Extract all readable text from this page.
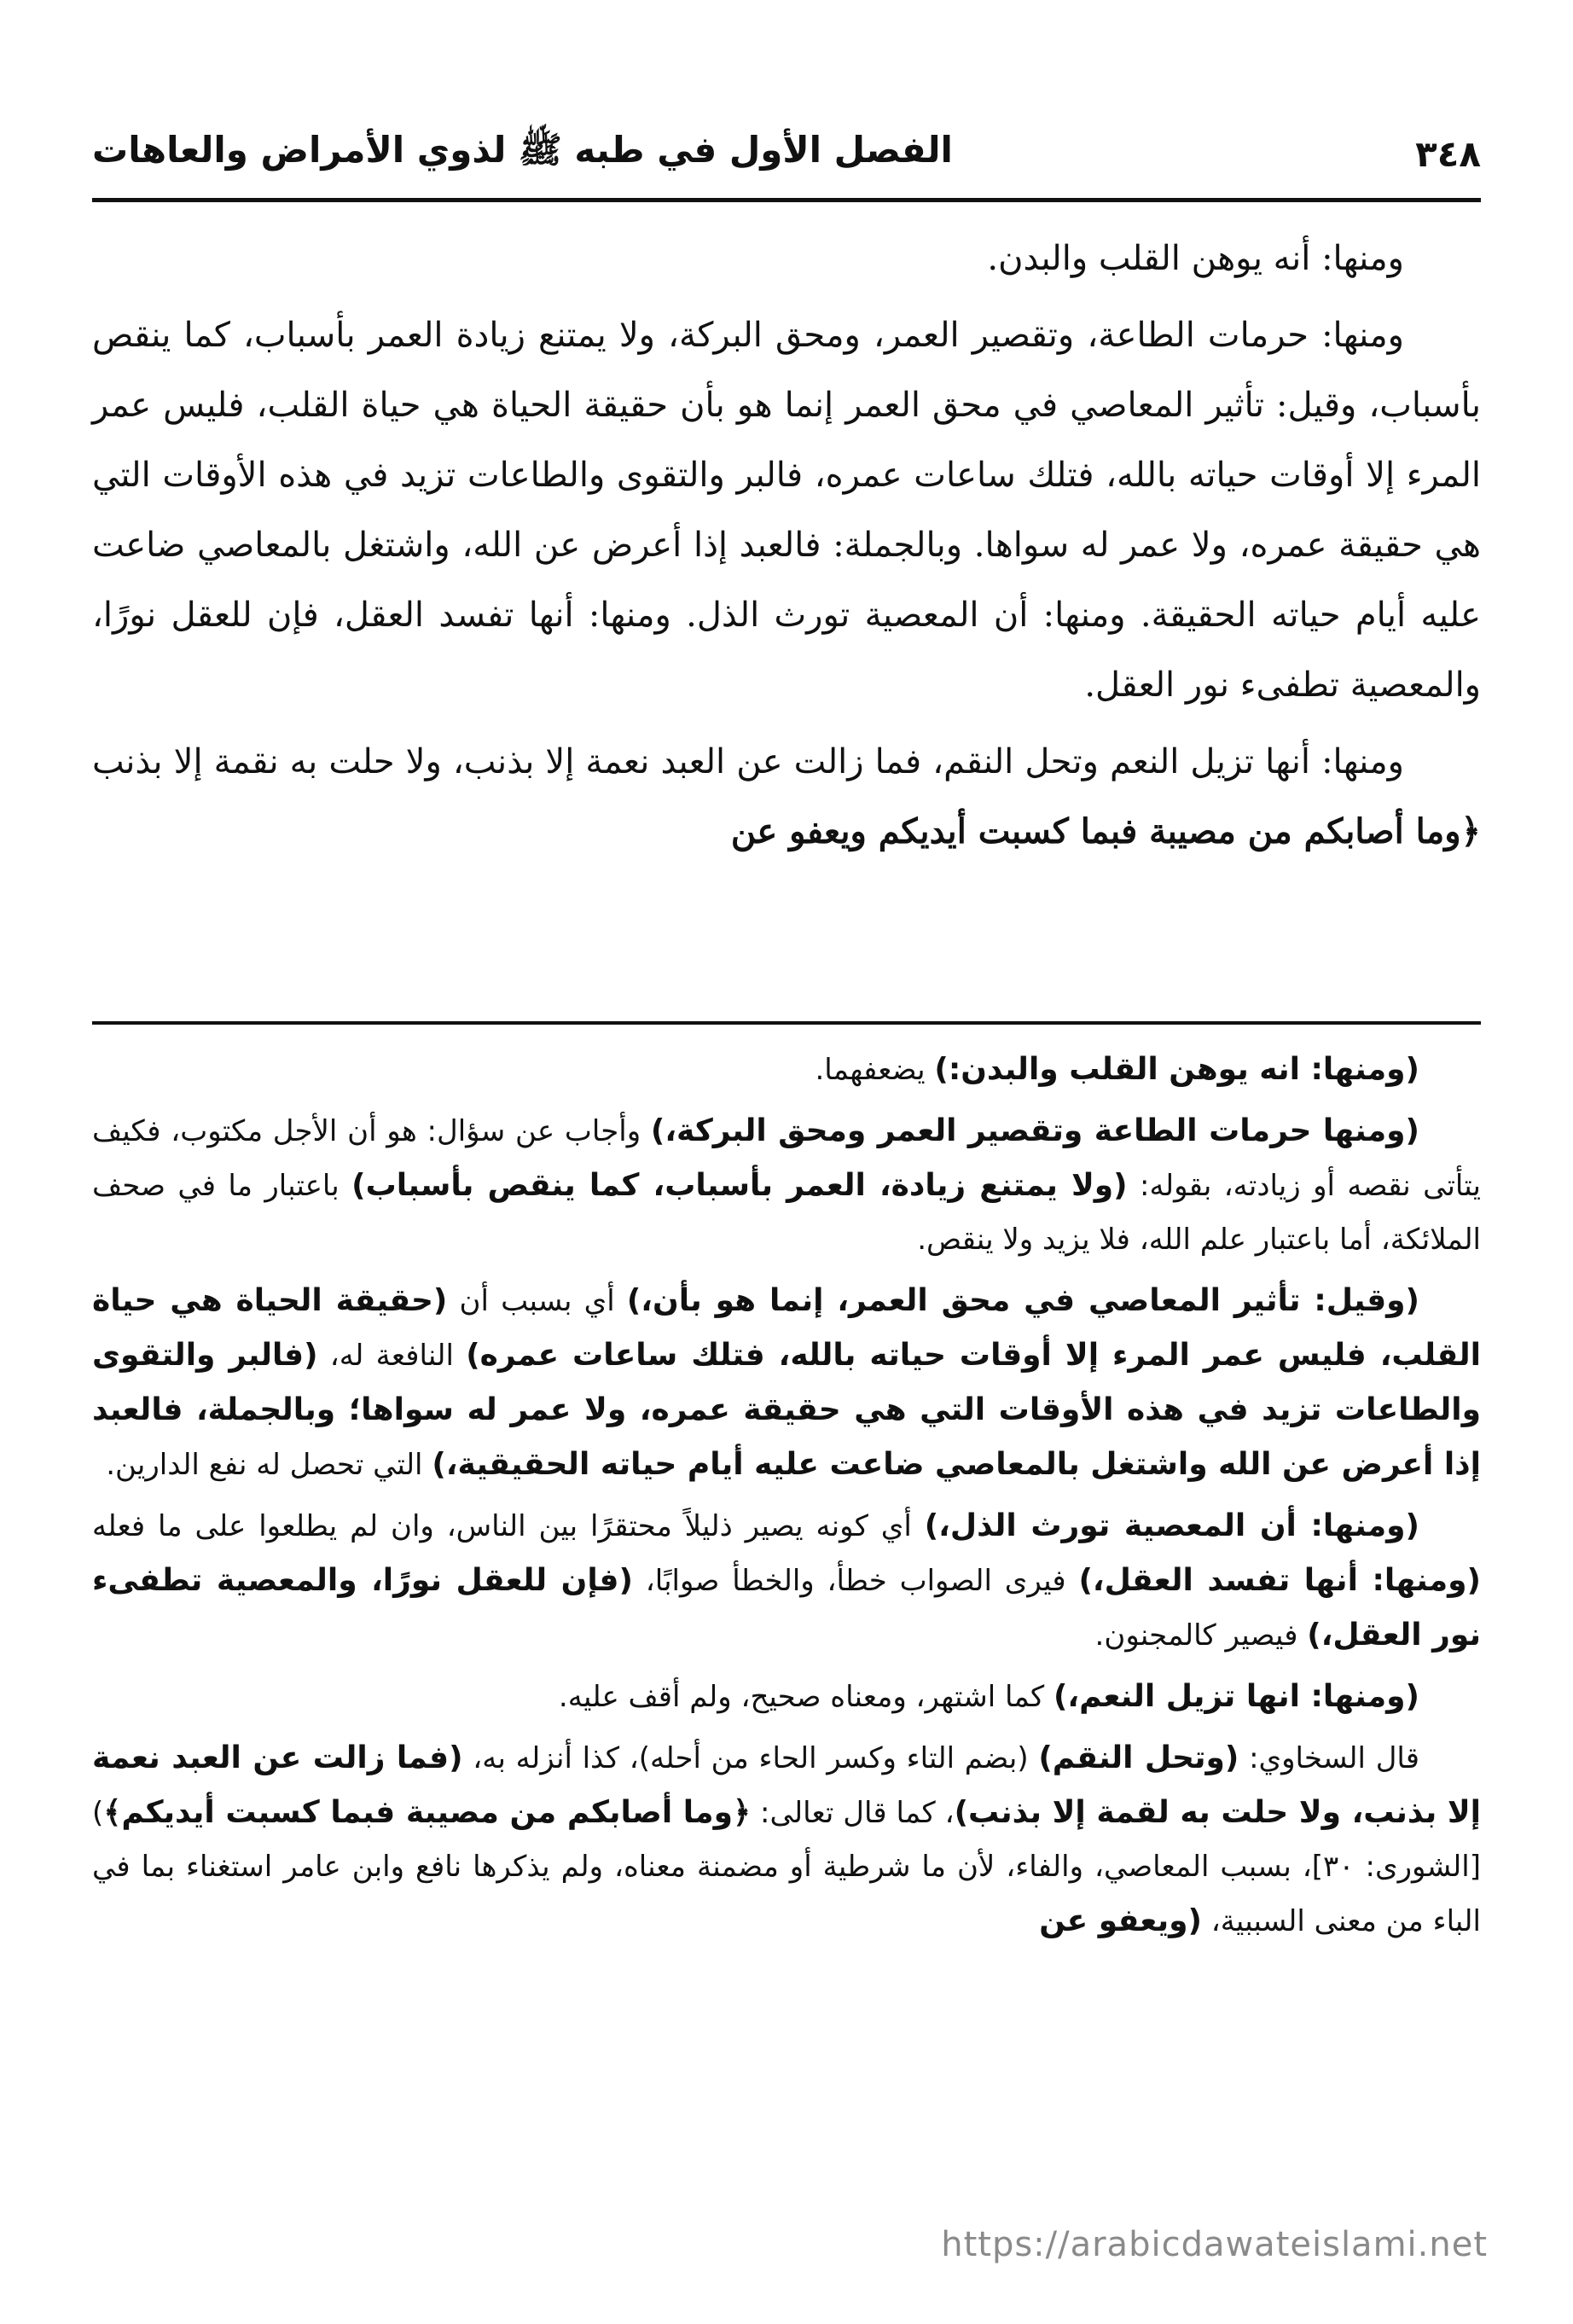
٣٤٨
الفصل الأول في طبه ﷺ لذوي الأمراض والعاهات

ومنها: أنه يوهن القلب والبدن.

ومنها: حرمات الطاعة، وتقصير العمر، ومحق البركة، ولا يمتنع زيادة العمر بأسباب، كما ينقص بأسباب، وقيل: تأثير المعاصي في محق العمر إنما هو بأن حقيقة الحياة هي حياة القلب، فليس عمر المرء إلا أوقات حياته بالله، فتلك ساعات عمره، فالبر والتقوى والطاعات تزيد في هذه الأوقات التي هي حقيقة عمره، ولا عمر له سواها. وبالجملة: فالعبد إذا أعرض عن الله، واشتغل بالمعاصي ضاعت عليه أيام حياته الحقيقة. ومنها: أن المعصية تورث الذل. ومنها: أنها تفسد العقل، فإن للعقل نورًا، والمعصية تطفىء نور العقل.

ومنها: أنها تزيل النعم وتحل النقم، فما زالت عن العبد نعمة إلا بذنب، ولا حلت به نقمة إلا بذنب ﴿وما أصابكم من مصيبة فبما كسبت أيديكم ويعفو عن

(ومنها: انه يوهن القلب والبدن:) يضعفهما.

(ومنها حرمات الطاعة وتقصير العمر ومحق البركة،) وأجاب عن سؤال: هو أن الأجل مكتوب، فكيف يتأتى نقصه أو زيادته، بقوله: (ولا يمتنع زيادة، العمر بأسباب، كما ينقص بأسباب) باعتبار ما في صحف الملائكة، أما باعتبار علم الله، فلا يزيد ولا ينقص.

(وقيل: تأثير المعاصي في محق العمر، إنما هو بأن،) أي بسبب أن (حقيقة الحياة هي حياة القلب، فليس عمر المرء إلا أوقات حياته بالله، فتلك ساعات عمره) النافعة له، (فالبر والتقوى والطاعات تزيد في هذه الأوقات التي هي حقيقة عمره، ولا عمر له سواها؛ وبالجملة، فالعبد إذا أعرض عن الله واشتغل بالمعاصي ضاعت عليه أيام حياته الحقيقية،) التي تحصل له نفع الدارين.

(ومنها: أن المعصية تورث الذل،) أي كونه يصير ذليلاً محتقرًا بين الناس، وان لم يطلعوا على ما فعله (ومنها: أنها تفسد العقل،) فيرى الصواب خطأ، والخطأ صوابًا، (فإن للعقل نورًا، والمعصية تطفىء نور العقل،) فيصير كالمجنون.

(ومنها: انها تزيل النعم،) كما اشتهر، ومعناه صحيح، ولم أقف عليه.

قال السخاوي: (وتحل النقم) (بضم التاء وكسر الحاء من أحله)، كذا أنزله به، (فما زالت عن العبد نعمة إلا بذنب، ولا حلت به لقمة إلا بذنب)، كما قال تعالى: ﴿وما أصابكم من مصيبة فبما كسبت أيديكم﴾) [الشورى: ٣٠]، بسبب المعاصي، والفاء، لأن ما شرطية أو مضمنة معناه، ولم يذكرها نافع وابن عامر استغناء بما في الباء من معنى السببية، (ويعفو عن

https://arabicdawateislami.net
